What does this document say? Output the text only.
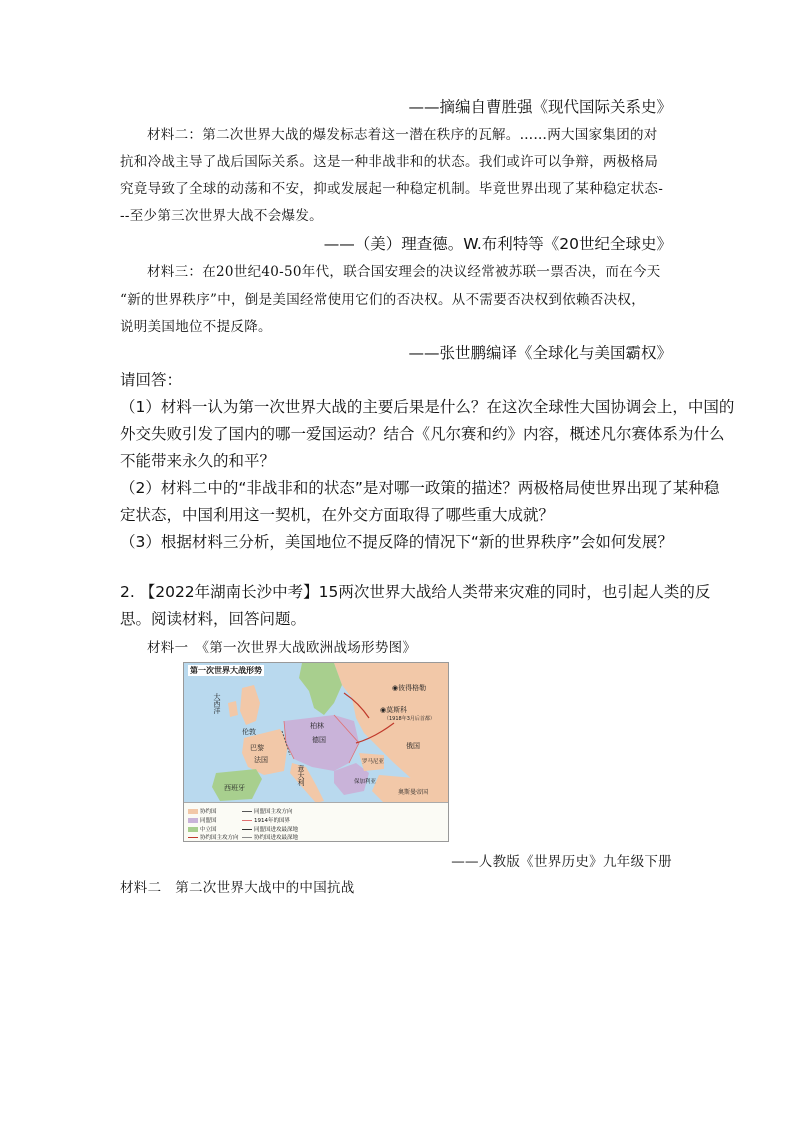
——摘编自曹胜强《现代国际关系史》
材料二：第二次世界大战的爆发标志着这一潜在秩序的瓦解。……两大国家集团的对
抗和冷战主导了战后国际关系。这是一种非战非和的状态。我们或许可以争辩，两极格局
究竟导致了全球的动荡和不安，抑或发展起一种稳定机制。毕竟世界出现了某种稳定状态-
--至少第三次世界大战不会爆发。
——（美）理查德。W.布利特等《20世纪全球史》
材料三：在20世纪40-50年代，联合国安理会的决议经常被苏联一票否决，而在今天
“新的世界秩序”中，倒是美国经常使用它们的否决权。从不需要否决权到依赖否决权，
说明美国地位不提反降。
——张世鹏编译《全球化与美国霸权》
请回答：
（1）材料一认为第一次世界大战的主要后果是什么？在这次全球性大国协调会上，中国的
外交失败引发了国内的哪一爱国运动？结合《凡尔赛和约》内容，概述凡尔赛体系为什么
不能带来永久的和平？
（2）材料二中的“非战非和的状态”是对哪一政策的描述？两极格局使世界出现了某种稳
定状态，中国利用这一契机，在外交方面取得了哪些重大成就？
（3）根据材料三分析，美国地位不提反降的情况下“新的世界秩序”会如何发展？
2. 【2022年湖南长沙中考】15两次世界大战给人类带来灾难的同时，也引起人类的反
思。阅读材料，回答问题。
材料一　《第一次世界大战欧洲战场形势图》
第一次世界大战形势
◉彼得格勒
◉莫斯科
（1918年3月后首都）
大西洋
伦敦
巴黎
柏林
德国
俄国
法国
西班牙
意大利	保加利亚
罗马尼亚
奥斯曼帝国
协约国
同盟国
中立国
协约国主攻方向
同盟国主攻方向
1914年的国界
同盟国进攻最深地
协约国进攻最深地
——人教版《世界历史》九年级下册
材料二　第二次世界大战中的中国抗战
